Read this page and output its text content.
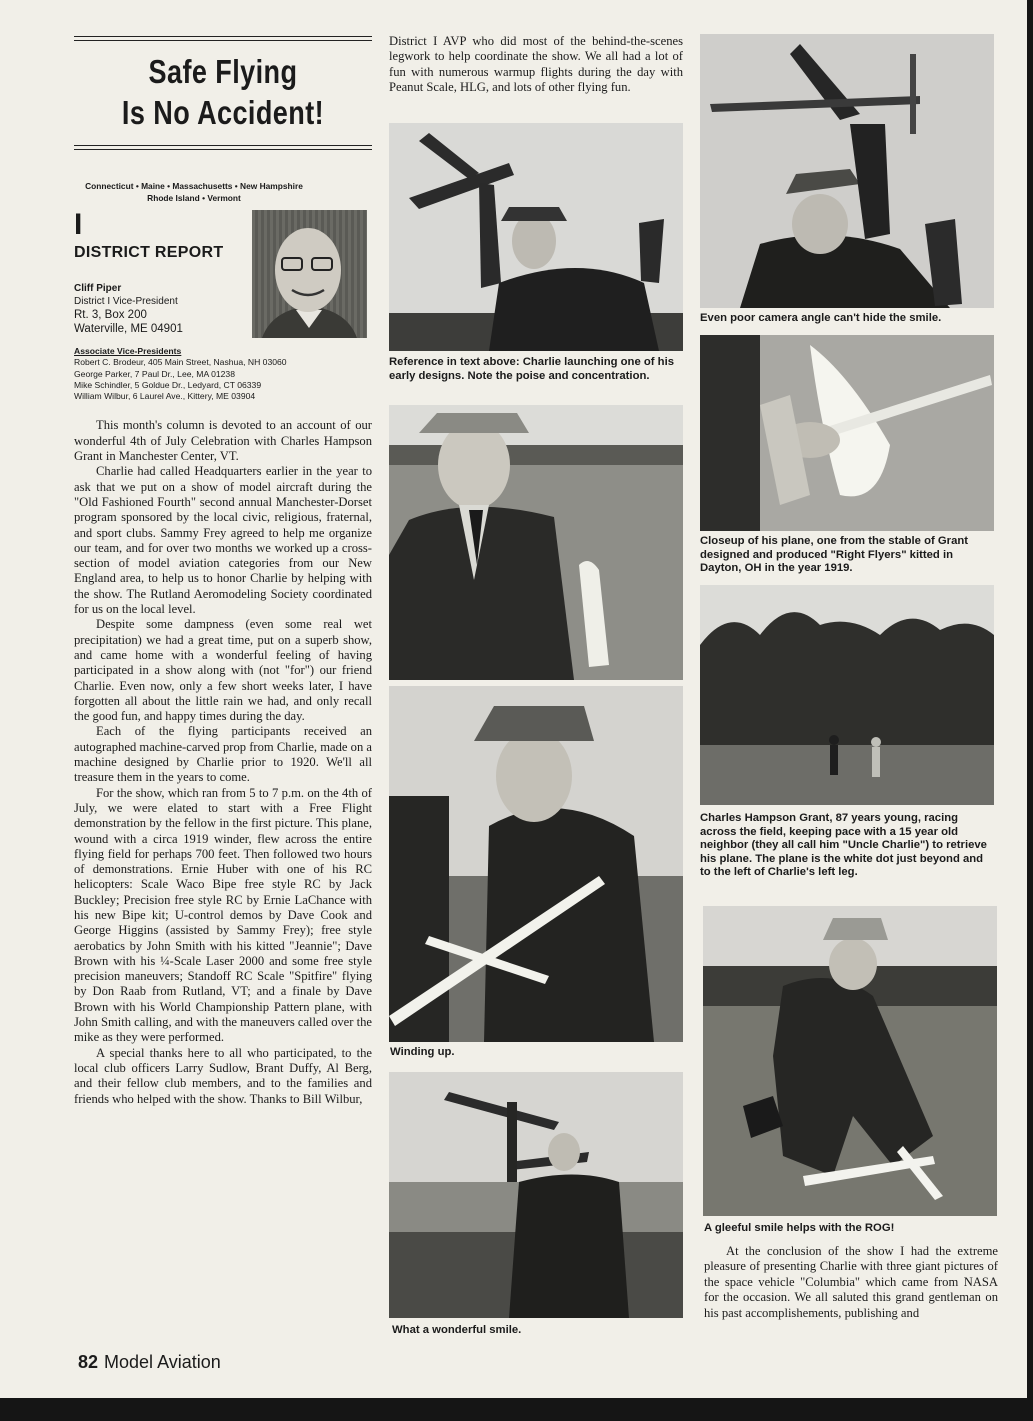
Safe Flying
Is No Accident!
Connecticut • Maine • Massachusetts • New Hampshire
Rhode Island • Vermont
I
DISTRICT REPORT
Cliff Piper
District I Vice-President
Rt. 3, Box 200
Waterville, ME 04901
Associate Vice-Presidents
Robert C. Brodeur, 405 Main Street, Nashua, NH 03060
George Parker, 7 Paul Dr., Lee, MA 01238
Mike Schindler, 5 Goldue Dr., Ledyard, CT 06339
William Wilbur, 6 Laurel Ave., Kittery, ME 03904

This month's column is devoted to an account of our wonderful 4th of July Celebration with Charles Hampson Grant in Manchester Center, VT.

Charlie had called Headquarters earlier in the year to ask that we put on a show of model aircraft during the "Old Fashioned Fourth" second annual Manchester-Dorset program sponsored by the local civic, religious, fraternal, and sport clubs. Sammy Frey agreed to help me organize our team, and for over two months we worked up a cross-section of model aviation categories from our New England area, to help us to honor Charlie by helping with the show. The Rutland Aeromodeling Society coordinated for us on the local level.

Despite some dampness (even some real wet precipitation) we had a great time, put on a superb show, and came home with a wonderful feeling of having participated in a show along with (not "for") our friend Charlie. Even now, only a few short weeks later, I have forgotten all about the little rain we had, and only recall the good fun, and happy times during the day.

Each of the flying participants received an autographed machine-carved prop from Charlie, made on a machine designed by Charlie prior to 1920. We'll all treasure them in the years to come.

For the show, which ran from 5 to 7 p.m. on the 4th of July, we were elated to start with a Free Flight demonstration by the fellow in the first picture. This plane, wound with a circa 1919 winder, flew across the entire flying field for perhaps 700 feet. Then followed two hours of demonstrations. Ernie Huber with one of his RC helicopters: Scale Waco Bipe free style RC by Jack Buckley; Precision free style RC by Ernie LaChance with his new Bipe kit; U-control demos by Dave Cook and George Higgins (assisted by Sammy Frey); free style aerobatics by John Smith with his kitted "Jeannie"; Dave Brown with his ¼-Scale Laser 2000 and some free style precision maneuvers; Standoff RC Scale "Spitfire" flying by Don Raab from Rutland, VT; and a finale by Dave Brown with his World Championship Pattern plane, with John Smith calling, and with the maneuvers called over the mike as they were performed.

A special thanks here to all who participated, to the local club officers Larry Sudlow, Brant Duffy, Al Berg, and their fellow club members, and to the families and friends who helped with the show. Thanks to Bill Wilbur,

82 Model Aviation

District I AVP who did most of the behind-the-scenes legwork to help coordinate the show. We all had a lot of fun with numerous warmup flights during the day with Peanut Scale, HLG, and lots of other flying fun.

Reference in text above: Charlie launching one of his early designs. Note the poise and concentration.
Winding up.
What a wonderful smile.
Even poor camera angle can't hide the smile.
Closeup of his plane, one from the stable of Grant designed and produced "Right Flyers" kitted in Dayton, OH in the year 1919.
Charles Hampson Grant, 87 years young, racing across the field, keeping pace with a 15 year old neighbor (they all call him "Uncle Charlie") to retrieve his plane. The plane is the white dot just beyond and to the left of Charlie's left leg.
A gleeful smile helps with the ROG!

At the conclusion of the show I had the extreme pleasure of presenting Charlie with three giant pictures of the space vehicle "Columbia" which came from NASA for the occasion. We all saluted this grand gentleman on his past accomplishements, publishing and
